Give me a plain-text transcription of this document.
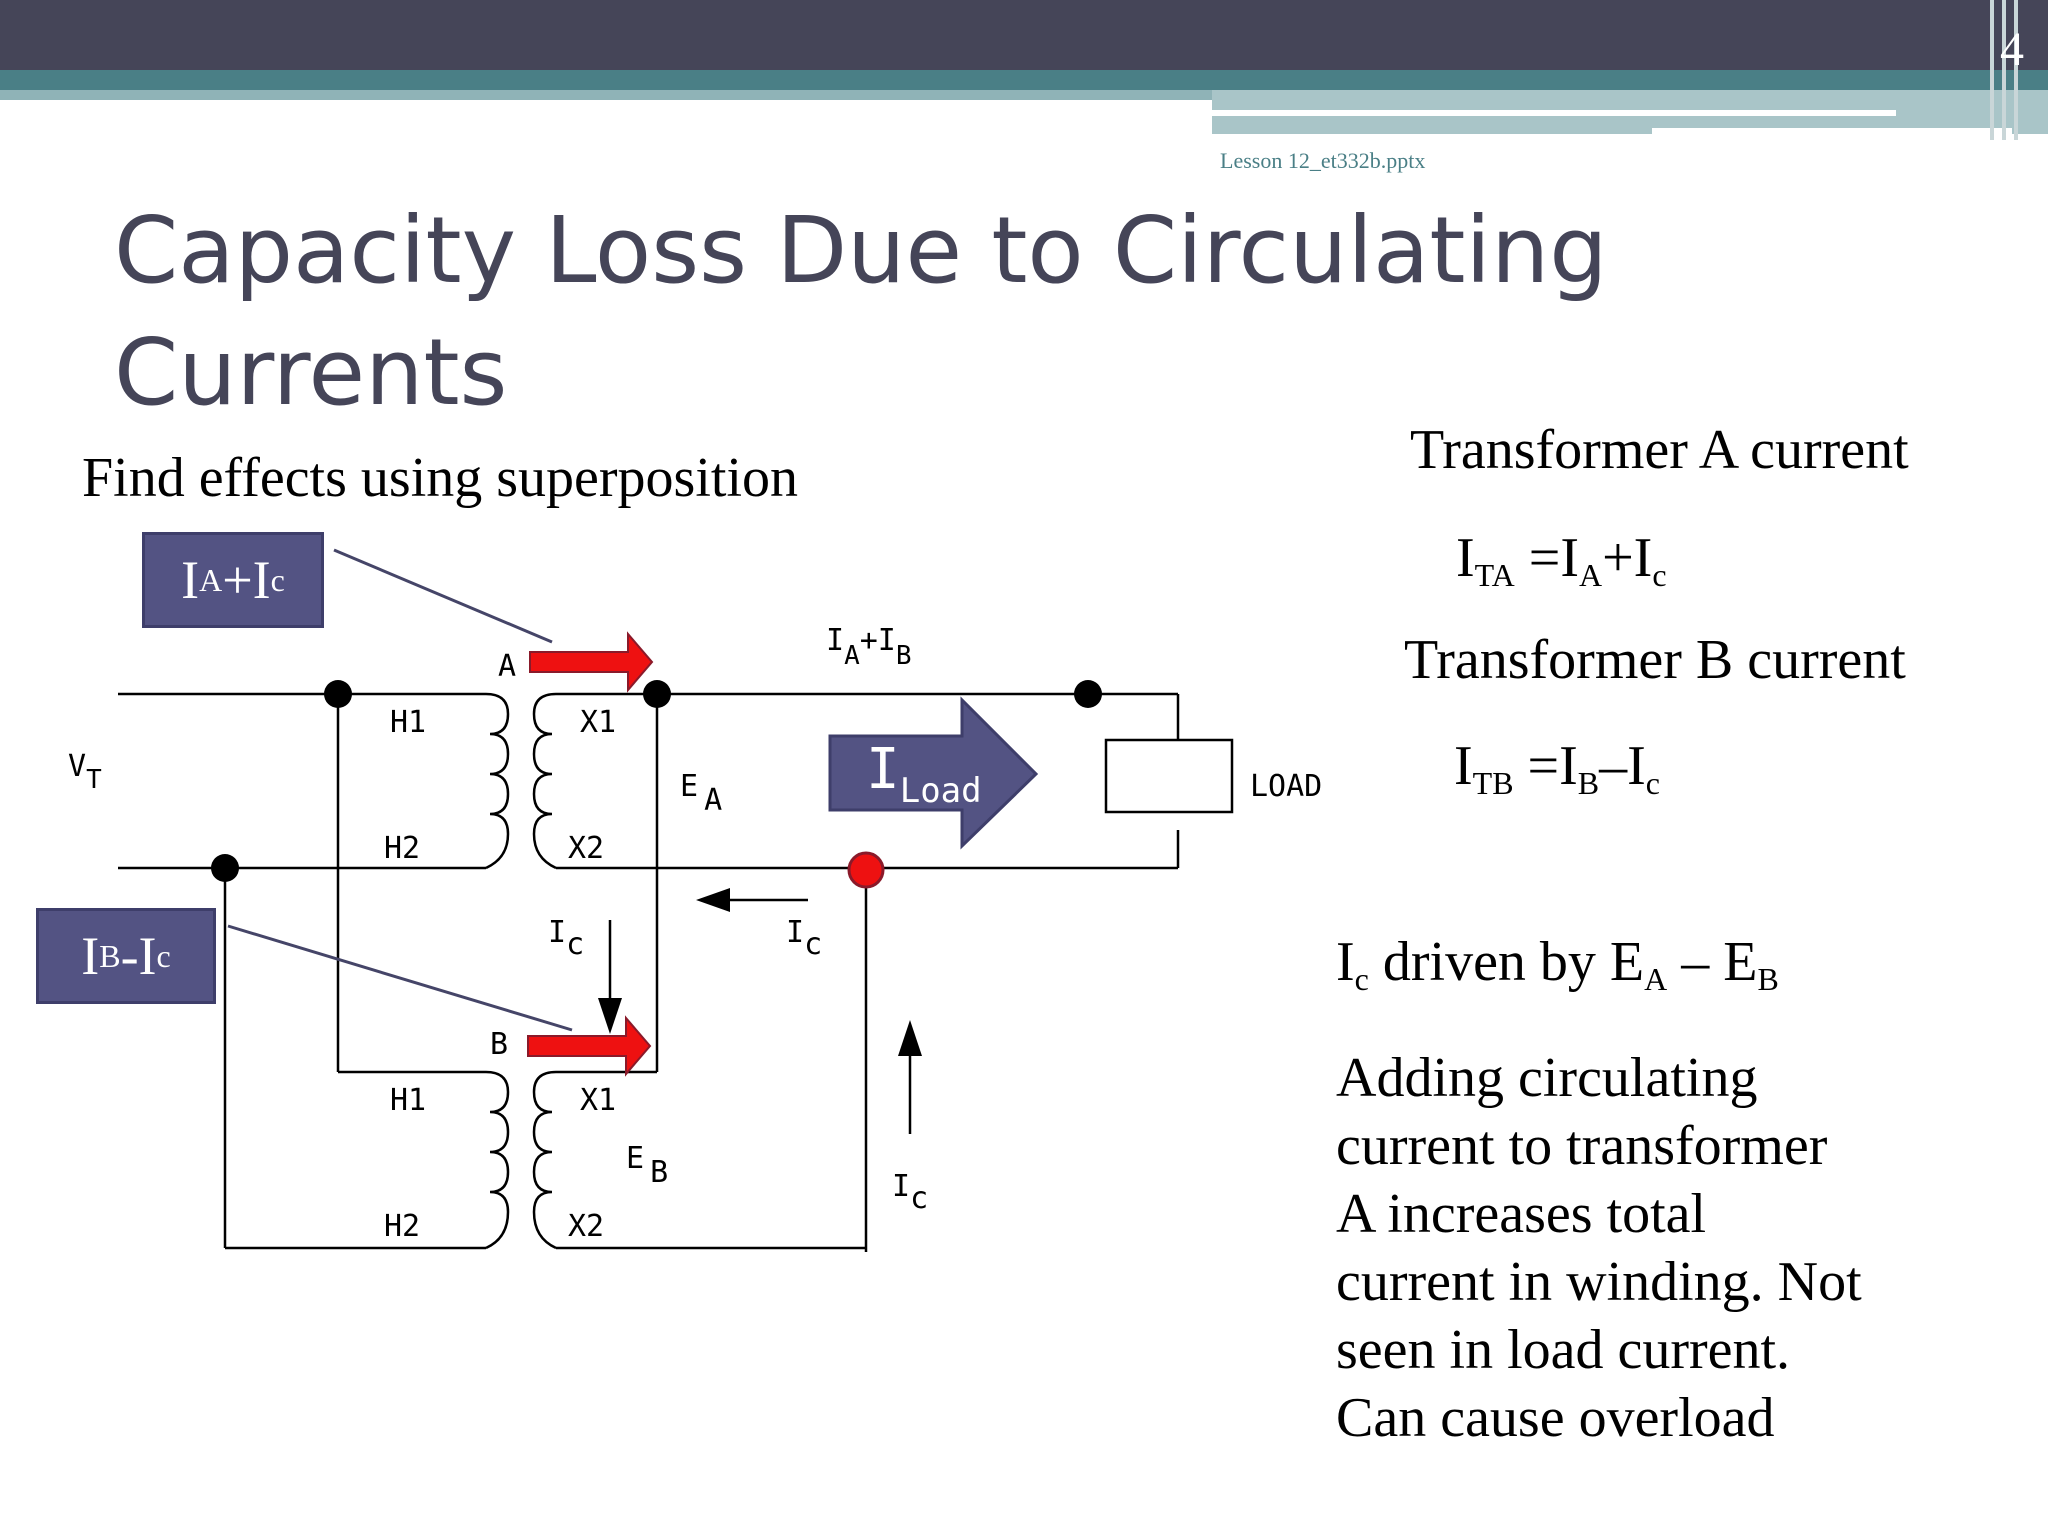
4
Lesson 12_et332b.pptx
Capacity Loss Due to Circulating
Currents
Find effects using superposition
VT
A
B
H1
H2
X1
X2
H1
H2
X1
X2
E A
E B
IA+IB
Ic	Ic
Ic
LOAD
$I_{Load}$
I A +I c
I B -I c
Transformer A current
$I_{TA} =I_A+I_c$
Transformer B current
$I_{TB} =I_B-I_c$
$I_c$ driven by $E_A - E_B$
Adding circulating
current to transformer
A increases total
current in winding. Not
seen in load current.
Can cause overload
